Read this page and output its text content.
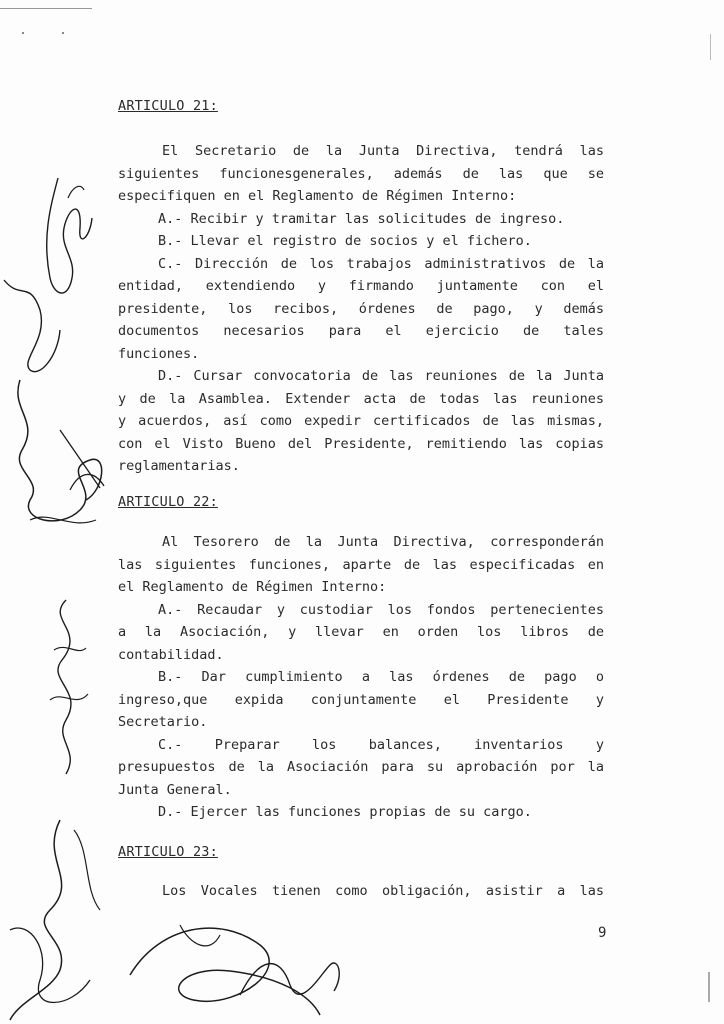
ARTICULO 21:
El Secretario de la Junta Directiva, tendrá las
siguientes funcionesgenerales, además de las que se
especifiquen en el Reglamento de Régimen Interno:
A.- Recibir y tramitar las solicitudes de ingreso.
B.- Llevar el registro de socios y el fichero.
C.- Dirección de los trabajos administrativos de la
entidad, extendiendo y firmando juntamente con el
presidente, los recibos, órdenes de pago, y demás
documentos necesarios para el ejercicio de tales
funciones.
D.- Cursar convocatoria de las reuniones de la Junta
y de la Asamblea. Extender acta de todas las reuniones
y acuerdos, así como expedir certificados de las mismas,
con el Visto Bueno del Presidente, remitiendo las copias
reglamentarias.
ARTICULO 22:
Al Tesorero de la Junta Directiva, corresponderán
las siguientes funciones, aparte de las especificadas en
el Reglamento de Régimen Interno:
A.- Recaudar y custodiar los fondos pertenecientes
a la Asociación, y llevar en orden los libros de
contabilidad.
B.- Dar cumplimiento a las órdenes de pago o
ingreso,que expida conjuntamente el Presidente y
Secretario.
C.- Preparar los balances, inventarios y
presupuestos de la Asociación para su aprobación por la
Junta General.
D.- Ejercer las funciones propias de su cargo.
ARTICULO 23:
Los Vocales tienen como obligación, asistir a las
9
